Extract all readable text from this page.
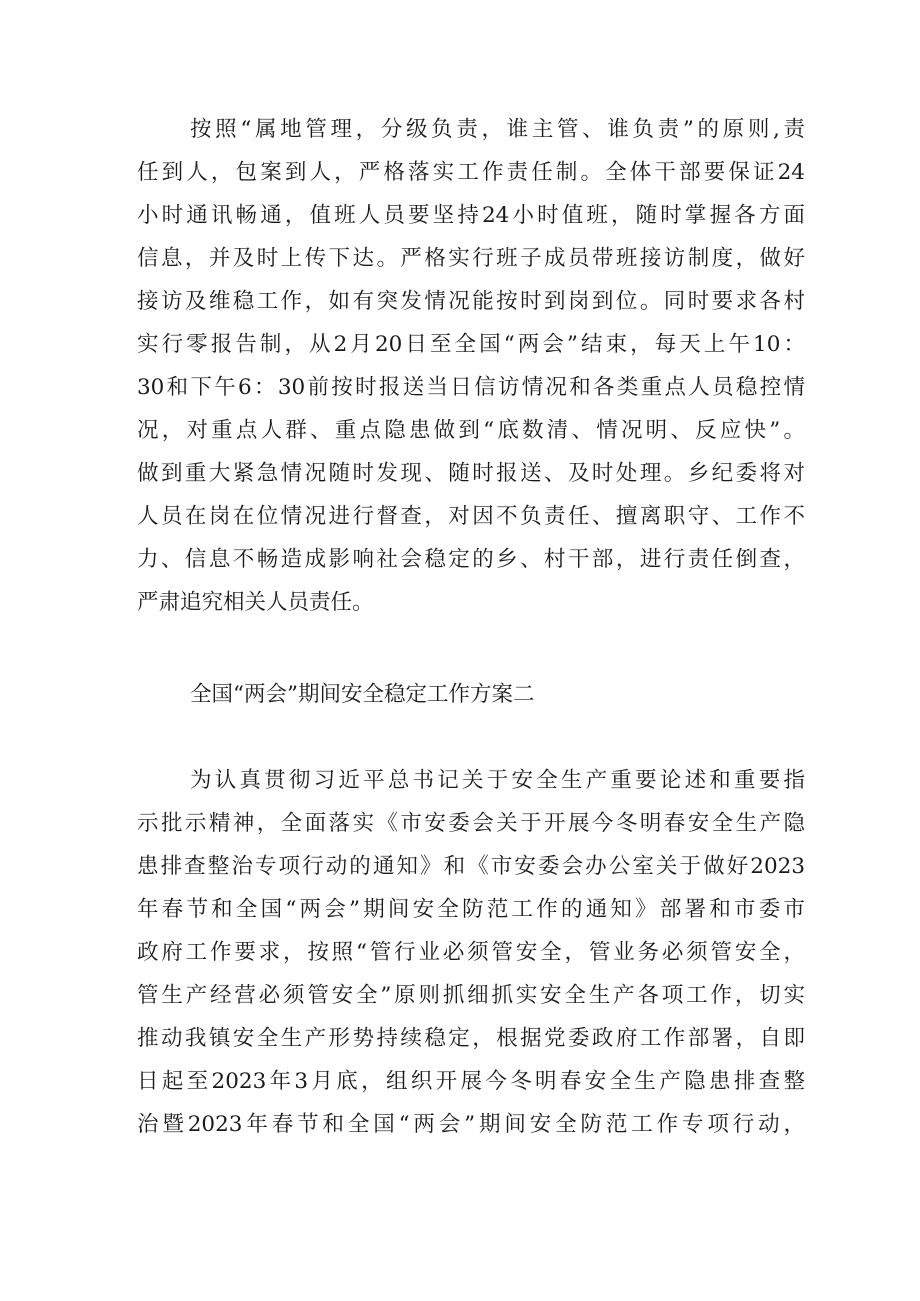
按照“属地管理，分级负责，谁主管、谁负责”的原则,责
任到人，包案到人，严格落实工作责任制。全体干部要保证24
小时通讯畅通，值班人员要坚持24小时值班，随时掌握各方面
信息，并及时上传下达。严格实行班子成员带班接访制度，做好
接访及维稳工作，如有突发情况能按时到岗到位。同时要求各村
实行零报告制，从2月20日至全国“两会”结束，每天上午10：
30和下午6：30前按时报送当日信访情况和各类重点人员稳控情
况，对重点人群、重点隐患做到“底数清、情况明、反应快”。
做到重大紧急情况随时发现、随时报送、及时处理。乡纪委将对
人员在岗在位情况进行督查，对因不负责任、擅离职守、工作不
力、信息不畅造成影响社会稳定的乡、村干部，进行责任倒查，
严肃追究相关人员责任。
全国“两会”期间安全稳定工作方案二
为认真贯彻习近平总书记关于安全生产重要论述和重要指
示批示精神，全面落实《市安委会关于开展今冬明春安全生产隐
患排查整治专项行动的通知》和《市安委会办公室关于做好2023
年春节和全国“两会”期间安全防范工作的通知》部署和市委市
政府工作要求，按照“管行业必须管安全，管业务必须管安全，
管生产经营必须管安全”原则抓细抓实安全生产各项工作，切实
推动我镇安全生产形势持续稳定，根据党委政府工作部署，自即
日起至2023年3月底，组织开展今冬明春安全生产隐患排查整
治暨2023年春节和全国“两会”期间安全防范工作专项行动，
